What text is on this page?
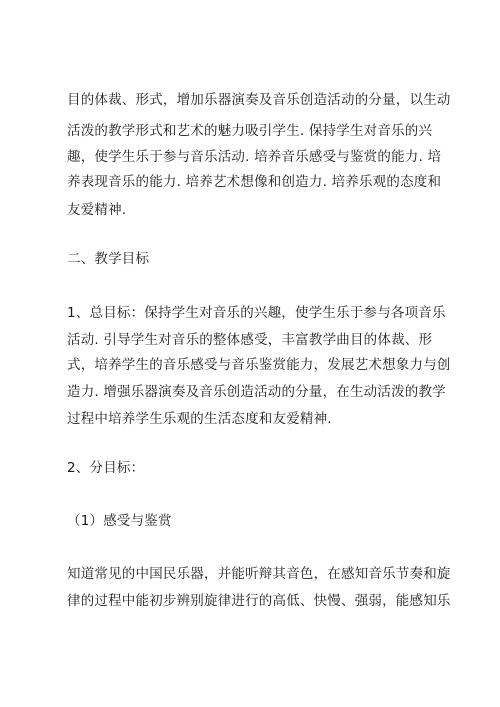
目的体裁、形式，增加乐器演奏及音乐创造活动的分量，以生动
活泼的教学形式和艺术的魅力吸引学生. 保持学生对音乐的兴
趣，使学生乐于参与音乐活动. 培养音乐感受与鉴赏的能力. 培
养表现音乐的能力. 培养艺术想像和创造力. 培养乐观的态度和
友爱精神.
二、教学目标
1、总目标：保持学生对音乐的兴趣，使学生乐于参与各项音乐
活动. 引导学生对音乐的整体感受，丰富教学曲目的体裁、形
式，培养学生的音乐感受与音乐鉴赏能力，发展艺术想象力与创
造力. 增强乐器演奏及音乐创造活动的分量，在生动活泼的教学
过程中培养学生乐观的生活态度和友爱精神.
2、分目标：
（1）感受与鉴赏
知道常见的中国民乐器，并能听辩其音色，在感知音乐节奏和旋
律的过程中能初步辨别旋律进行的高低、快慢、强弱，能感知乐
